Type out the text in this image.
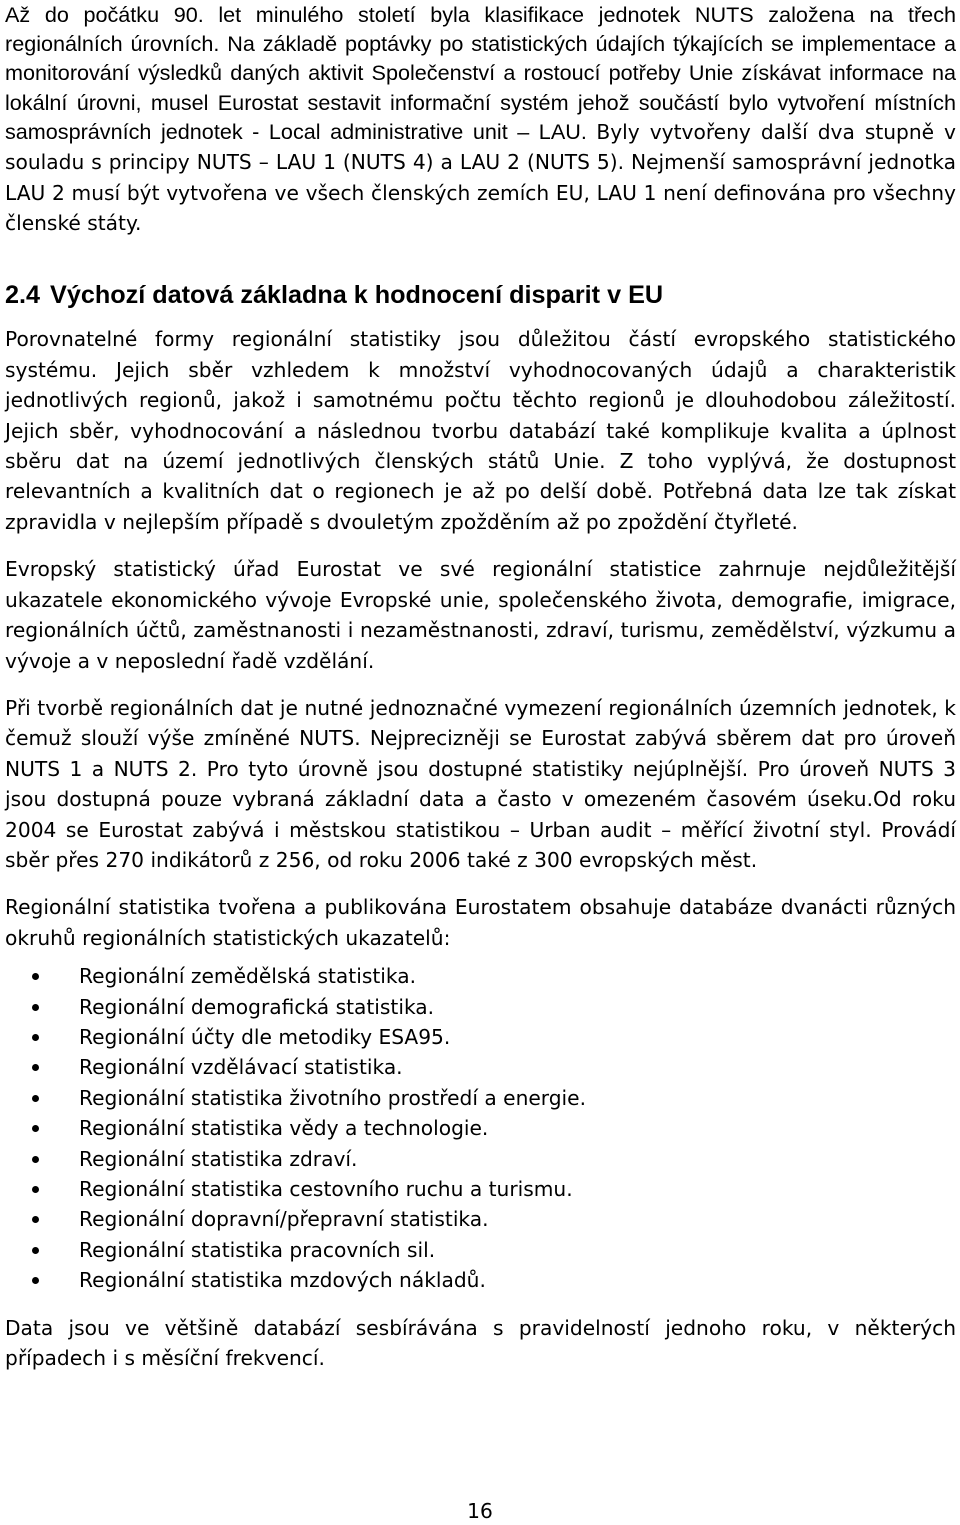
Až do počátku 90. let minulého století byla klasifikace jednotek NUTS založena na třech regionálních úrovních. Na základě poptávky po statistických údajích týkajících se implementace a monitorování výsledků daných aktivit Společenství a rostoucí potřeby Unie získávat informace na lokální úrovni, musel Eurostat sestavit informační systém jehož součástí bylo vytvoření místních samosprávních jednotek - Local administrative unit – LAU. Byly vytvořeny další dva stupně v souladu s principy NUTS – LAU 1 (NUTS 4) a LAU 2 (NUTS 5). Nejmenší samosprávní jednotka LAU 2 musí být vytvořena ve všech členských zemích EU, LAU 1 není definována pro všechny členské státy.

2.4 Výchozí datová základna k hodnocení disparit v EU

Porovnatelné formy regionální statistiky jsou důležitou částí evropského statistického systému. Jejich sběr vzhledem k množství vyhodnocovaných údajů a charakteristik jednotlivých regionů, jakož i samotnému počtu těchto regionů je dlouhodobou záležitostí. Jejich sběr, vyhodnocování a následnou tvorbu databází také komplikuje kvalita a úplnost sběru dat na území jednotlivých členských států Unie. Z toho vyplývá, že dostupnost relevantních a kvalitních dat o regionech je až po delší době. Potřebná data lze tak získat zpravidla v nejlepším případě s dvouletým zpožděním až po zpoždění čtyřleté.

Evropský statistický úřad Eurostat ve své regionální statistice zahrnuje nejdůležitější ukazatele ekonomického vývoje Evropské unie, společenského života, demografie, imigrace, regionálních účtů, zaměstnanosti i nezaměstnanosti, zdraví, turismu, zemědělství, výzkumu a vývoje a v neposlední řadě vzdělání.

Při tvorbě regionálních dat je nutné jednoznačné vymezení regionálních územních jednotek, k čemuž slouží výše zmíněné NUTS. Nejprecizněji se Eurostat zabývá sběrem dat pro úroveň NUTS 1 a NUTS 2. Pro tyto úrovně jsou dostupné statistiky nejúplnější. Pro úroveň NUTS 3 jsou dostupná pouze vybraná základní data a často v omezeném časovém úseku.Od roku 2004 se Eurostat zabývá i městskou statistikou – Urban audit – měřící životní styl. Provádí sběr přes 270 indikátorů z 256, od roku 2006 také z 300 evropských měst.

Regionální statistika tvořena a publikována Eurostatem obsahuje databáze dvanácti různých okruhů regionálních statistických ukazatelů:

Regionální zemědělská statistika.
Regionální demografická statistika.
Regionální účty dle metodiky ESA95.
Regionální vzdělávací statistika.
Regionální statistika životního prostředí a energie.
Regionální statistika vědy a technologie.
Regionální statistika zdraví.
Regionální statistika cestovního ruchu a turismu.
Regionální dopravní/přepravní statistika.
Regionální statistika pracovních sil.
Regionální statistika mzdových nákladů.

Data jsou ve většině databází sesbírávána s pravidelností jednoho roku, v některých případech i s měsíční frekvencí.

16
